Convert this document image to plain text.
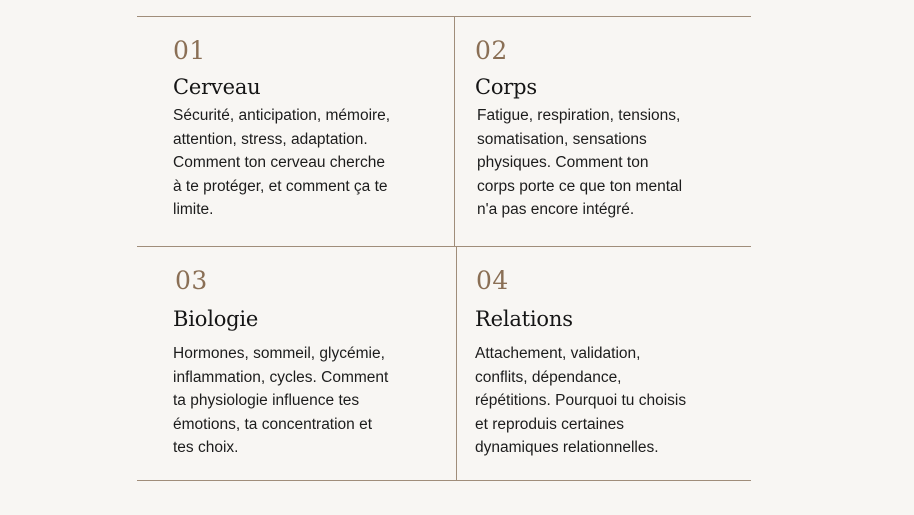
01
Cerveau
Sécurité, anticipation, mémoire,
attention, stress, adaptation.
Comment ton cerveau cherche
à te protéger, et comment ça te
limite.
02
Corps
Fatigue, respiration, tensions,
somatisation, sensations
physiques. Comment ton
corps porte ce que ton mental
n'a pas encore intégré.
03
Biologie
Hormones, sommeil, glycémie,
inflammation, cycles. Comment
ta physiologie influence tes
émotions, ta concentration et
tes choix.
04
Relations
Attachement, validation,
conflits, dépendance,
répétitions. Pourquoi tu choisis
et reproduis certaines
dynamiques relationnelles.
